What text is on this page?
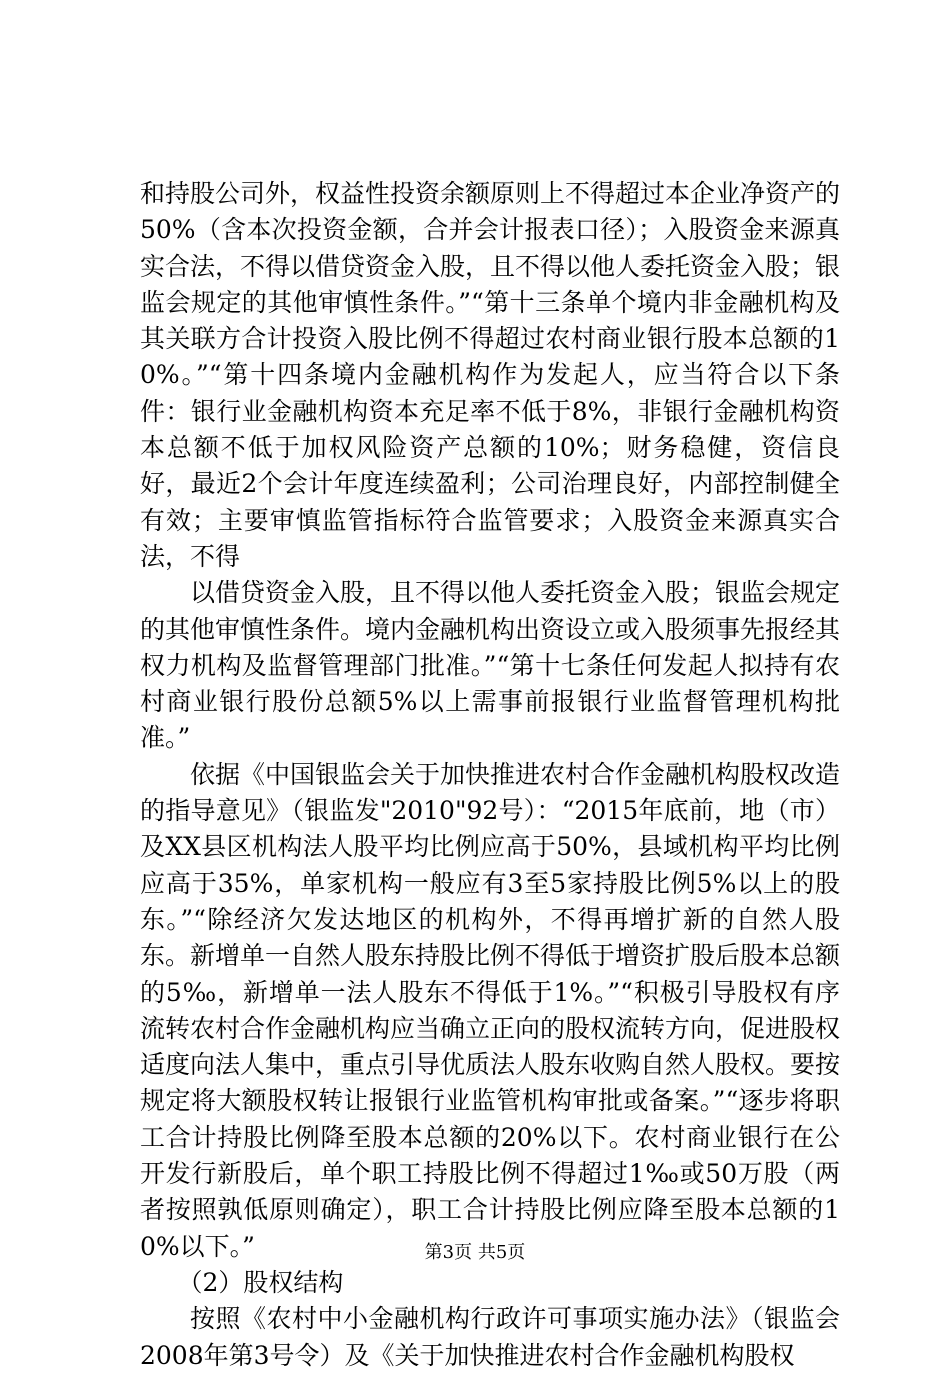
和持股公司外，权益性投资余额原则上不得超过本企业净资产的50%（含本次投资金额，合并会计报表口径）；入股资金来源真实合法，不得以借贷资金入股，且不得以他人委托资金入股；银监会规定的其他审慎性条件。”“第十三条单个境内非金融机构及其关联方合计投资入股比例不得超过农村商业银行股本总额的10%。”“第十四条境内金融机构作为发起人，应当符合以下条件：银行业金融机构资本充足率不低于8%，非银行金融机构资本总额不低于加权风险资产总额的10%；财务稳健，资信良好，最近2个会计年度连续盈利；公司治理良好，内部控制健全有效；主要审慎监管指标符合监管要求；入股资金来源真实合法，不得

以借贷资金入股，且不得以他人委托资金入股；银监会规定的其他审慎性条件。境内金融机构出资设立或入股须事先报经其权力机构及监督管理部门批准。”“第十七条任何发起人拟持有农村商业银行股份总额5%以上需事前报银行业监督管理机构批准。”

依据《中国银监会关于加快推进农村合作金融机构股权改造的指导意见》（银监发"2010"92号）：“2015年底前，地（市）及XX县区机构法人股平均比例应高于50%，县域机构平均比例应高于35%，单家机构一般应有3至5家持股比例5%以上的股东。”“除经济欠发达地区的机构外，不得再增扩新的自然人股东。新增单一自然人股东持股比例不得低于增资扩股后股本总额的5‰，新增单一法人股东不得低于1%。”“积极引导股权有序流转农村合作金融机构应当确立正向的股权流转方向，促进股权适度向法人集中，重点引导优质法人股东收购自然人股权。要按规定将大额股权转让报银行业监管机构审批或备案。”“逐步将职工合计持股比例降至股本总额的20%以下。农村商业银行在公开发行新股后，单个职工持股比例不得超过1‰或50万股（两者按照孰低原则确定），职工合计持股比例应降至股本总额的10%以下。”

（2）股权结构

按照《农村中小金融机构行政许可事项实施办法》（银监会2008年第3号令）及《关于加快推进农村合作金融机构股权

第3页 共5页
